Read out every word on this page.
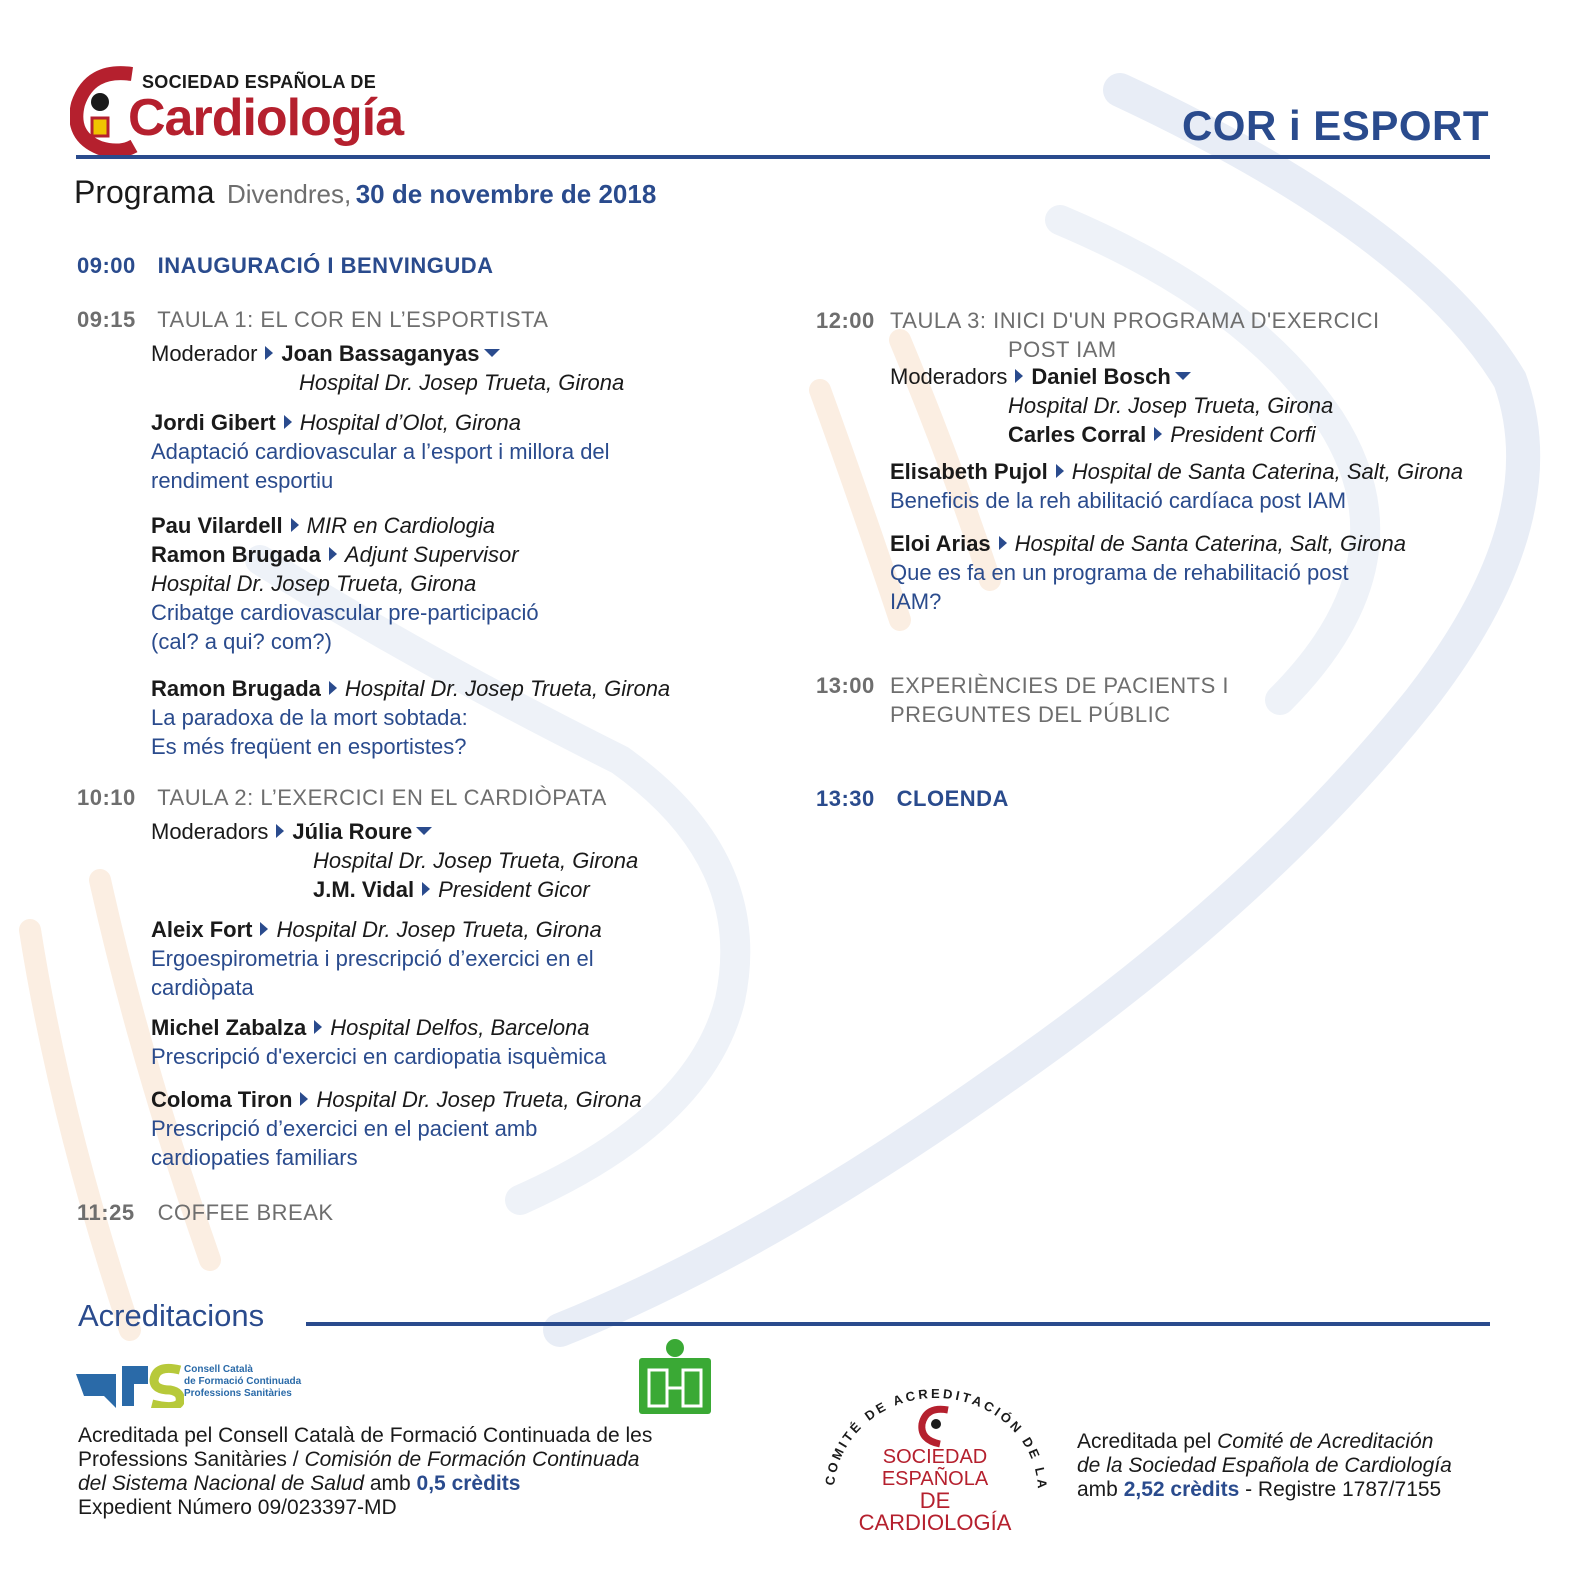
SOCIEDAD ESPAÑOLA DE
Cardiología	COR i ESPORT
Programa Divendres, 30 de novembre de 2018
09:00 INAUGURACIÓ I BENVINGUDA
09:15 TAULA 1: EL COR EN L’ESPORTISTA
Moderador Joan Bassaganyas
Hospital Dr. Josep Trueta, Girona
Jordi Gibert Hospital d’Olot, Girona
Adaptació cardiovascular a l’esport i millora del
rendiment esportiu
Pau Vilardell MIR en Cardiologia
Ramon Brugada Adjunt Supervisor
Hospital Dr. Josep Trueta, Girona
Cribatge cardiovascular pre-participació
(cal? a qui? com?)
Ramon Brugada Hospital Dr. Josep Trueta, Girona
La paradoxa de la mort sobtada:
Es més freqüent en esportistes?
10:10 TAULA 2: L’EXERCICI EN EL CARDIÒPATA
Moderadors Júlia Roure
Hospital Dr. Josep Trueta, Girona
J.M. Vidal President Gicor
Aleix Fort Hospital Dr. Josep Trueta, Girona
Ergoespirometria i prescripció d’exercici en el
cardiòpata
Michel Zabalza Hospital Delfos, Barcelona
Prescripció d'exercici en cardiopatia isquèmica
Coloma Tiron Hospital Dr. Josep Trueta, Girona
Prescripció d’exercici en el pacient amb
cardiopaties familiars
11:25 COFFEE BREAK
12:00 TAULA 3: INICI D'UN PROGRAMA D'EXERCICI
POST IAM
Moderadors Daniel Bosch
Hospital Dr. Josep Trueta, Girona
Carles Corral President Corfi
Elisabeth Pujol Hospital de Santa Caterina, Salt, Girona
Beneficis de la reh abilitació cardíaca post IAM
Eloi Arias Hospital de Santa Caterina, Salt, Girona
Que es fa en un programa de rehabilitació post
IAM?
13:00 EXPERIÈNCIES DE PACIENTS I
PREGUNTES DEL PÚBLIC
13:30 CLOENDA
Acreditacions
Consell Català
de Formació Continuada
Professions Sanitàries
Acreditada pel Consell Català de Formació Continuada de les
Professions Sanitàries / Comisión de Formación Continuada
del Sistema Nacional de Salud amb 0,5 crèdits
Expedient Número 09/023397-MD
COMITÉ DE ACREDITACIÓN DE LA
SOCIEDAD ESPAÑOLA
DE CARDIOLOGÍA
Acreditada pel Comité de Acreditación
de la Sociedad Española de Cardiología
amb 2,52 crèdits - Registre 1787/7155
